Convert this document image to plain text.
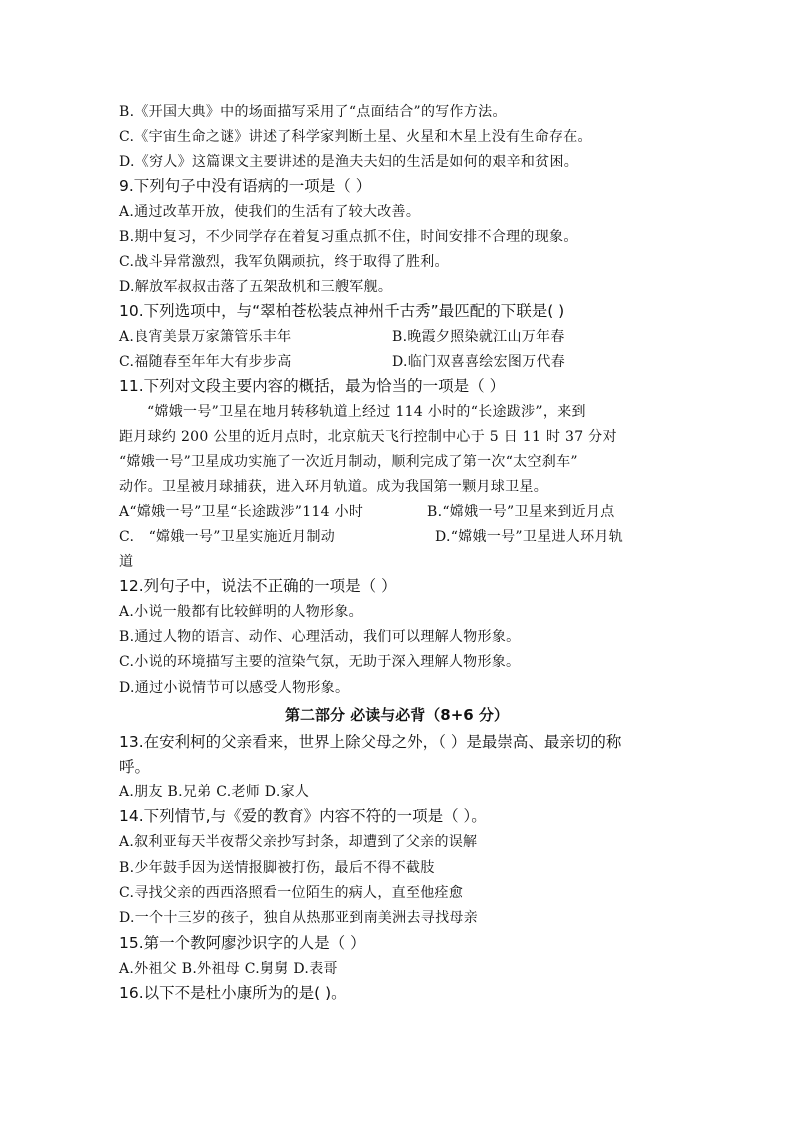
B.《开国大典》中的场面描写采用了“点面结合”的写作方法。
C.《宇宙生命之谜》讲述了科学家判断土星、火星和木星上没有生命存在。
D.《穷人》这篇课文主要讲述的是渔夫夫妇的生活是如何的艰辛和贫困。
9.下列句子中没有语病的一项是（ ）
A.通过改革开放，使我们的生活有了较大改善。
B.期中复习，不少同学存在着复习重点抓不住，时间安排不合理的现象。
C.战斗异常激烈，我军负隅顽抗，终于取得了胜利。
D.解放军叔叔击落了五架敌机和三艘军舰。
10.下列选项中，与“翠柏苍松装点神州千古秀”最匹配的下联是( )
A.良宵美景万家箫管乐丰年	B.晚霞夕照染就江山万年春
C.福随春至年年大有步步高	D.临门双喜喜绘宏图万代春
11.下列对文段主要内容的概括，最为恰当的一项是（ ）
“嫦娥一号”卫星在地月转移轨道上经过 114 小时的“长途跋涉”，来到
距月球约 200 公里的近月点时，北京航天飞行控制中心于 5 日 11 时 37 分对
“嫦娥一号”卫星成功实施了一次近月制动，顺利完成了第一次“太空刹车”
动作。卫星被月球捕获，进入环月轨道。成为我国第一颗月球卫星。
A“嫦娥一号”卫星“长途跋涉”114 小时	B.“嫦娥一号”卫星来到近月点
C.　“嫦娥一号”卫星实施近月制动	D.“嫦娥一号”卫星进人环月轨
道
12.列句子中，说法不正确的一项是（ ）
A.小说一般都有比较鲜明的人物形象。
B.通过人物的语言、动作、心理活动，我们可以理解人物形象。
C.小说的环境描写主要的渲染气氛，无助于深入理解人物形象。
D.通过小说情节可以感受人物形象。
第二部分 必读与必背（8+6 分）
13.在安利柯的父亲看来，世界上除父母之外，（ ）是最崇高、最亲切的称
呼。
A.朋友 B.兄弟 C.老师 D.家人
14.下列情节,与《爱的教育》内容不符的一项是（ ）。
A.叙利亚每天半夜帮父亲抄写封条，却遭到了父亲的误解
B.少年鼓手因为送情报脚被打伤，最后不得不截肢
C.寻找父亲的西西洛照看一位陌生的病人，直至他痊愈
D.一个十三岁的孩子，独自从热那亚到南美洲去寻找母亲
15.第一个教阿廖沙识字的人是（ ）
A.外祖父 B.外祖母 C.舅舅 D.表哥
16.以下不是杜小康所为的是( )。
